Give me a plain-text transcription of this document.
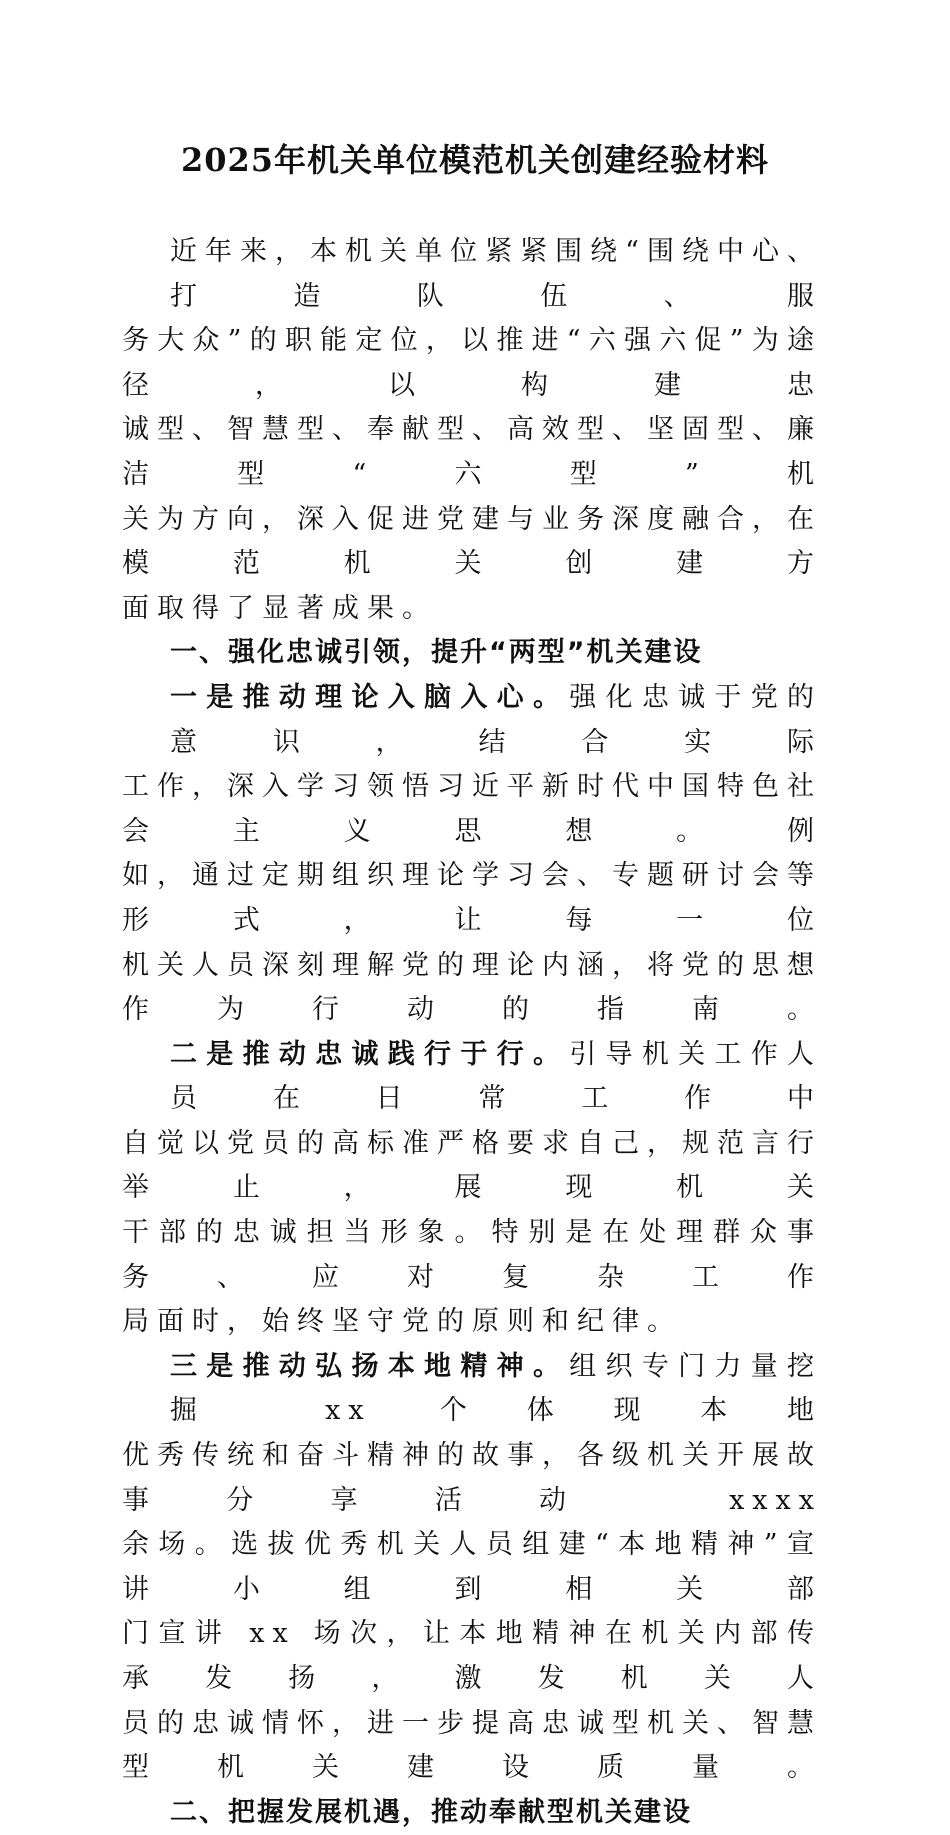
2025年机关单位模范机关创建经验材料
近年来，本机关单位紧紧围绕“围绕中心、打造队伍、服
务大众”的职能定位，以推进“六强六促”为途径，以构建忠
诚型、智慧型、奉献型、高效型、坚固型、廉洁型“六型”机
关为方向，深入促进党建与业务深度融合，在模范机关创建方
面取得了显著成果。
一、强化忠诚引领，提升“两型”机关建设
一是推动理论入脑入心。强化忠诚于党的意识，结合实际
工作，深入学习领悟习近平新时代中国特色社会主义思想。例
如，通过定期组织理论学习会、专题研讨会等形式，让每一位
机关人员深刻理解党的理论内涵，将党的思想作为行动的指南。
二是推动忠诚践行于行。引导机关工作人员在日常工作中
自觉以党员的高标准严格要求自己，规范言行举止，展现机关
干部的忠诚担当形象。特别是在处理群众事务、应对复杂工作
局面时，始终坚守党的原则和纪律。
三是推动弘扬本地精神。组织专门力量挖掘 xx 个体现本地
优秀传统和奋斗精神的故事，各级机关开展故事分享活动 xxxx
余场。选拔优秀机关人员组建“本地精神”宣讲小组到相关部
门宣讲 xx 场次，让本地精神在机关内部传承发扬，激发机关人
员的忠诚情怀，进一步提高忠诚型机关、智慧型机关建设质量。
二、把握发展机遇，推动奉献型机关建设
